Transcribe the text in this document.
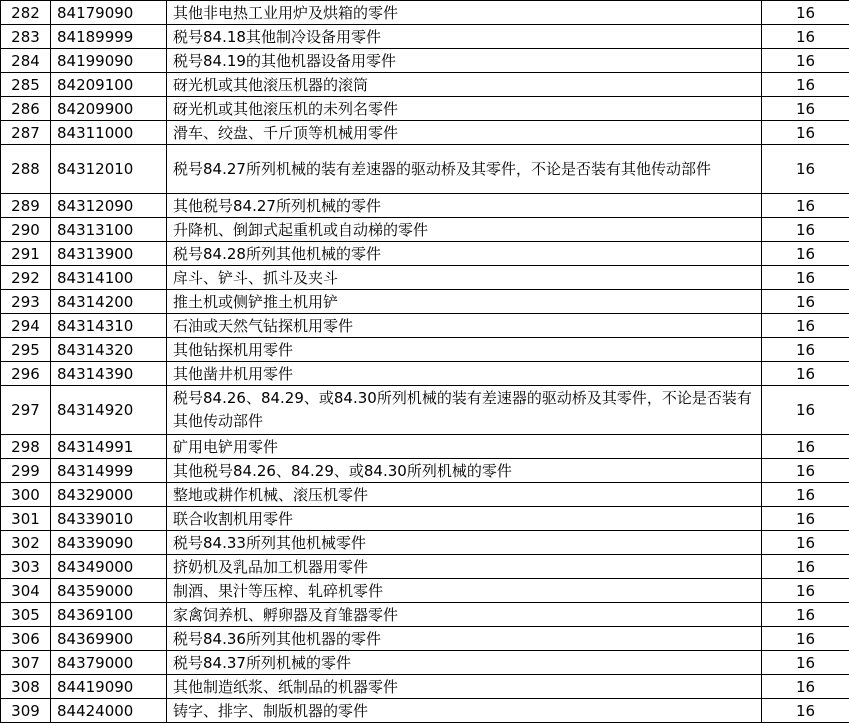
282	84179090	其他非电热工业用炉及烘箱的零件	16
283	84189999	税号84.18其他制冷设备用零件	16
284	84199090	税号84.19的其他机器设备用零件	16
285	84209100	砑光机或其他滚压机器的滚筒	16
286	84209900	砑光机或其他滚压机的未列名零件	16
287	84311000	滑车、绞盘、千斤顶等机械用零件	16
288	84312010	税号84.27所列机械的装有差速器的驱动桥及其零件，不论是否装有其他传动部件	16
289	84312090	其他税号84.27所列机械的零件	16
290	84313100	升降机、倒卸式起重机或自动梯的零件	16
291	84313900	税号84.28所列其他机械的零件	16
292	84314100	戽斗、铲斗、抓斗及夹斗	16
293	84314200	推土机或侧铲推土机用铲	16
294	84314310	石油或天然气钻探机用零件	16
295	84314320	其他钻探机用零件	16
296	84314390	其他凿井机用零件	16
297	84314920	税号84.26、84.29、或84.30所列机械的装有差速器的驱动桥及其零件，不论是否装有其他传动部件	16
298	84314991	矿用电铲用零件	16
299	84314999	其他税号84.26、84.29、或84.30所列机械的零件	16
300	84329000	整地或耕作机械、滚压机零件	16
301	84339010	联合收割机用零件	16
302	84339090	税号84.33所列其他机械零件	16
303	84349000	挤奶机及乳品加工机器用零件	16
304	84359000	制酒、果汁等压榨、轧碎机零件	16
305	84369100	家禽饲养机、孵卵器及育雏器零件	16
306	84369900	税号84.36所列其他机器的零件	16
307	84379000	税号84.37所列机械的零件	16
308	84419090	其他制造纸浆、纸制品的机器零件	16
309	84424000	铸字、排字、制版机器的零件	16
